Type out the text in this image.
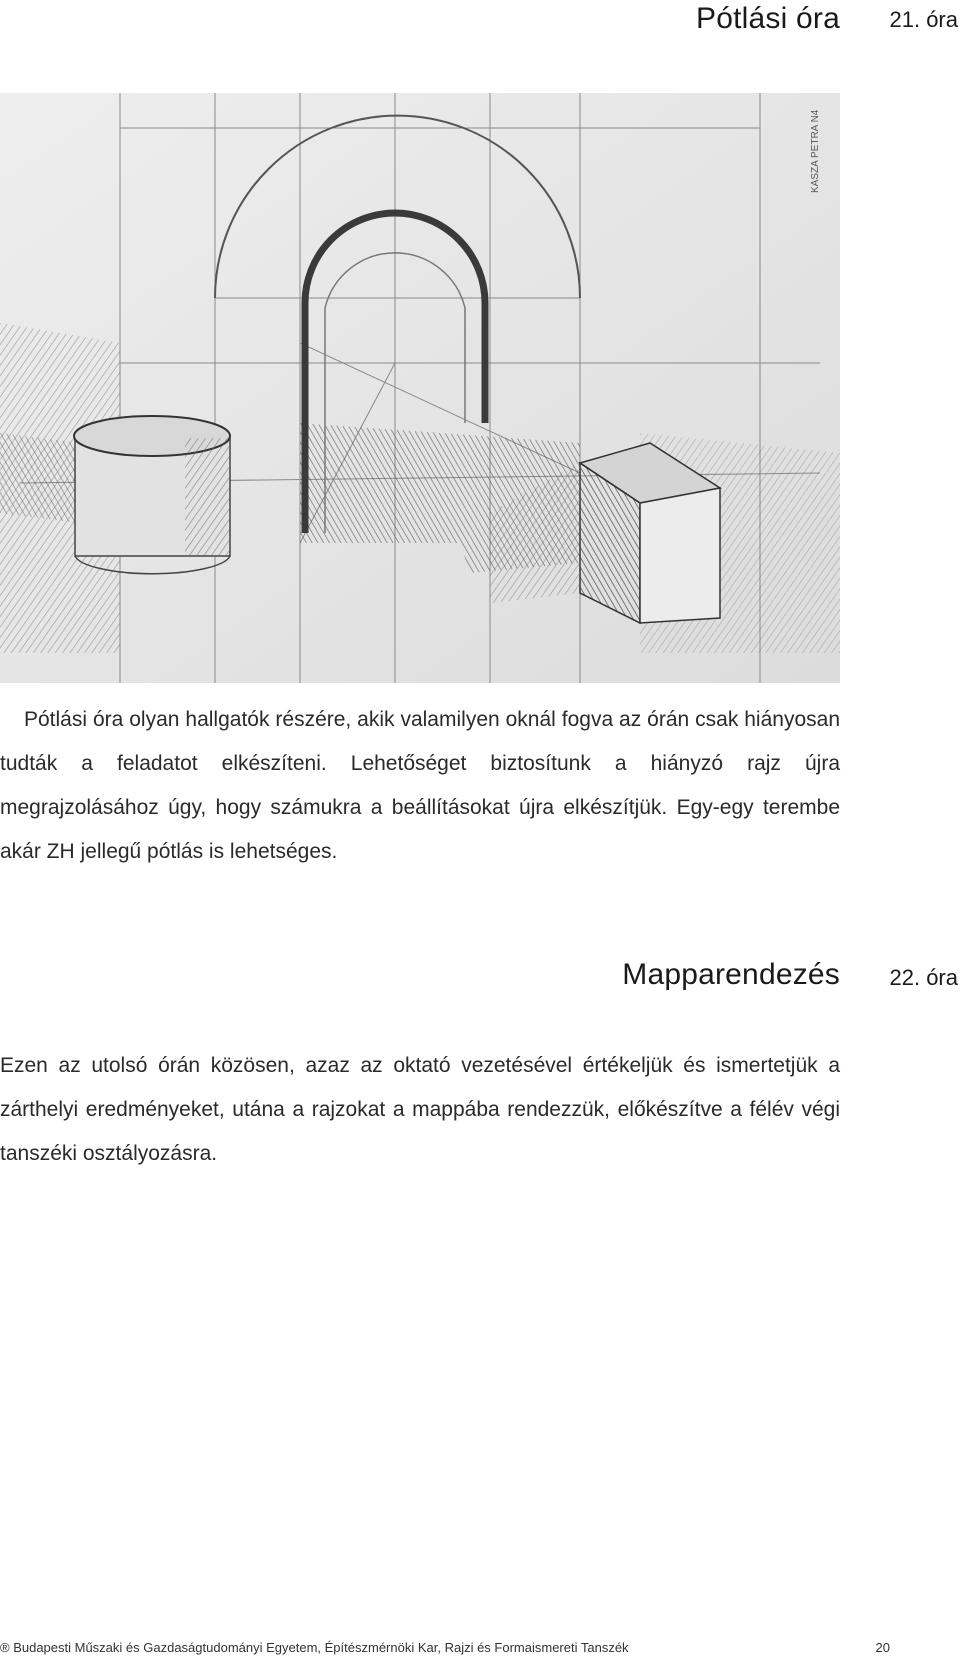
Pótlási óra 21. óra
KASZA PETRA N4
Pótlási óra olyan hallgatók részére, akik valamilyen oknál fogva az órán csak hiányosan tudták a feladatot elkészíteni. Lehetőséget biztosítunk a hiányzó rajz újra megrajzolásához úgy, hogy számukra a beállításokat újra elkészítjük. Egy-egy terembe akár ZH jellegű pótlás is lehetséges.
Mapparendezés 22. óra
Ezen az utolsó órán közösen, azaz az oktató vezetésével értékeljük és ismertetjük a zárthelyi eredményeket, utána a rajzokat a mappába rendezzük, előkészítve a félév végi tanszéki osztályozásra.
® Budapesti Műszaki és Gazdaságtudományi Egyetem, Építészmérnöki Kar, Rajzi és Formaismereti Tanszék	20
